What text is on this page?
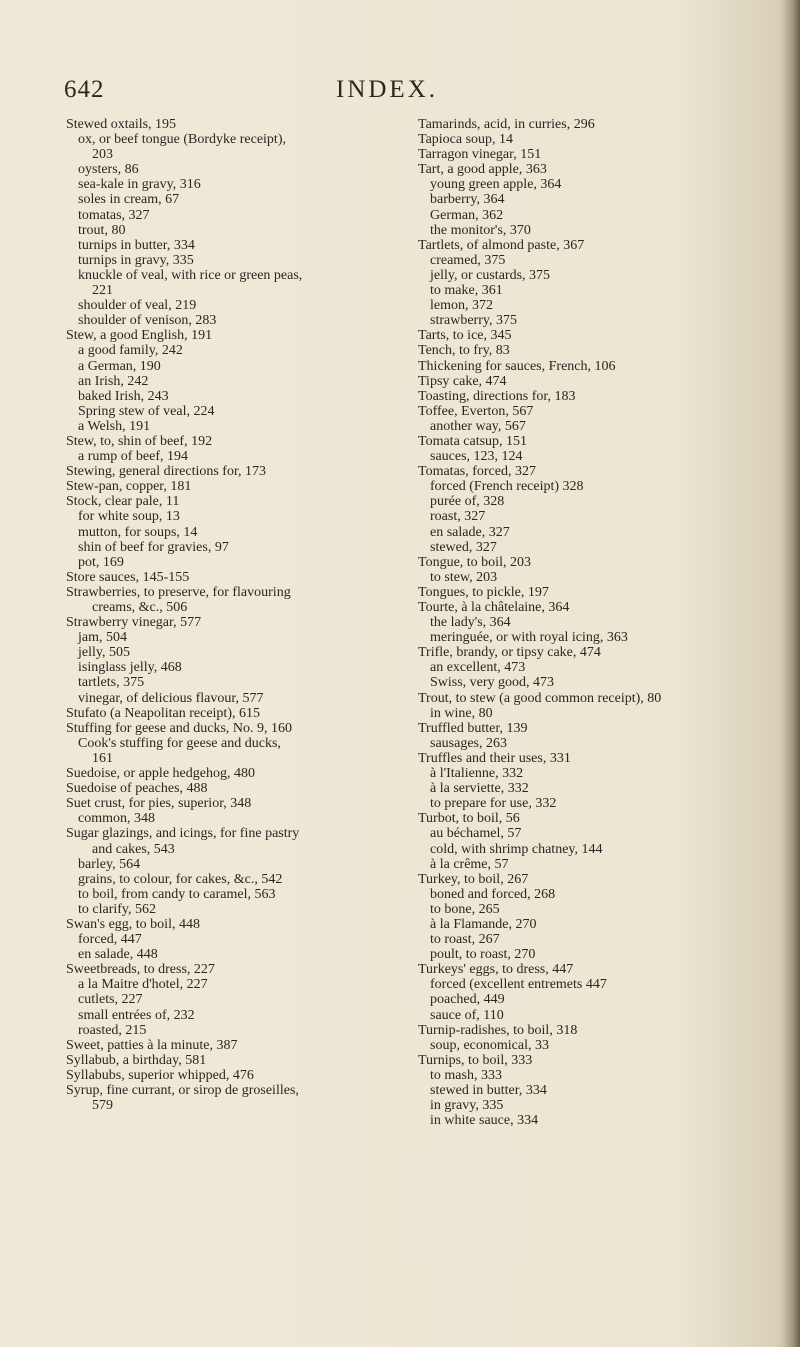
642	INDEX.
Stewed oxtails, 195
ox, or beef tongue (Bordyke receipt),
203
oysters, 86
sea-kale in gravy, 316
soles in cream, 67
tomatas, 327
trout, 80
turnips in butter, 334
turnips in gravy, 335
knuckle of veal, with rice or green peas,
221
shoulder of veal, 219
shoulder of venison, 283
Stew, a good English, 191
a good family, 242
a German, 190
an Irish, 242
baked Irish, 243
Spring stew of veal, 224
a Welsh, 191
Stew, to, shin of beef, 192
a rump of beef, 194
Stewing, general directions for, 173
Stew-pan, copper, 181
Stock, clear pale, 11
for white soup, 13
mutton, for soups, 14
shin of beef for gravies, 97
pot, 169
Store sauces, 145-155
Strawberries, to preserve, for flavouring
creams, &c., 506
Strawberry vinegar, 577
jam, 504
jelly, 505
isinglass jelly, 468
tartlets, 375
vinegar, of delicious flavour, 577
Stufato (a Neapolitan receipt), 615
Stuffing for geese and ducks, No. 9, 160
Cook's stuffing for geese and ducks,
161
Suedoise, or apple hedgehog, 480
Suedoise of peaches, 488
Suet crust, for pies, superior, 348
common, 348
Sugar glazings, and icings, for fine pastry
and cakes, 543
barley, 564
grains, to colour, for cakes, &c., 542
to boil, from candy to caramel, 563
to clarify, 562
Swan's egg, to boil, 448
forced, 447
en salade, 448
Sweetbreads, to dress, 227
a la Maitre d'hotel, 227
cutlets, 227
small entrées of, 232
roasted, 215
Sweet, patties à la minute, 387
Syllabub, a birthday, 581
Syllabubs, superior whipped, 476
Syrup, fine currant, or sirop de groseilles,
579
Tamarinds, acid, in curries, 296
Tapioca soup, 14
Tarragon vinegar, 151
Tart, a good apple, 363
young green apple, 364
barberry, 364
German, 362
the monitor's, 370
Tartlets, of almond paste, 367
creamed, 375
jelly, or custards, 375
to make, 361
lemon, 372
strawberry, 375
Tarts, to ice, 345
Tench, to fry, 83
Thickening for sauces, French, 106
Tipsy cake, 474
Toasting, directions for, 183
Toffee, Everton, 567
another way, 567
Tomata catsup, 151
sauces, 123, 124
Tomatas, forced, 327
forced (French receipt) 328
purée of, 328
roast, 327
en salade, 327
stewed, 327
Tongue, to boil, 203
to stew, 203
Tongues, to pickle, 197
Tourte, à la châtelaine, 364
the lady's, 364
meringuée, or with royal icing, 363
Trifle, brandy, or tipsy cake, 474
an excellent, 473
Swiss, very good, 473
Trout, to stew (a good common receipt), 80
in wine, 80
Truffled butter, 139
sausages, 263
Truffles and their uses, 331
à l'Italienne, 332
à la serviette, 332
to prepare for use, 332
Turbot, to boil, 56
au béchamel, 57
cold, with shrimp chatney, 144
à la crême, 57
Turkey, to boil, 267
boned and forced, 268
to bone, 265
à la Flamande, 270
to roast, 267
poult, to roast, 270
Turkeys' eggs, to dress, 447
forced (excellent entremets 447
poached, 449
sauce of, 110
Turnip-radishes, to boil, 318
soup, economical, 33
Turnips, to boil, 333
to mash, 333
stewed in butter, 334
in gravy, 335
in white sauce, 334
